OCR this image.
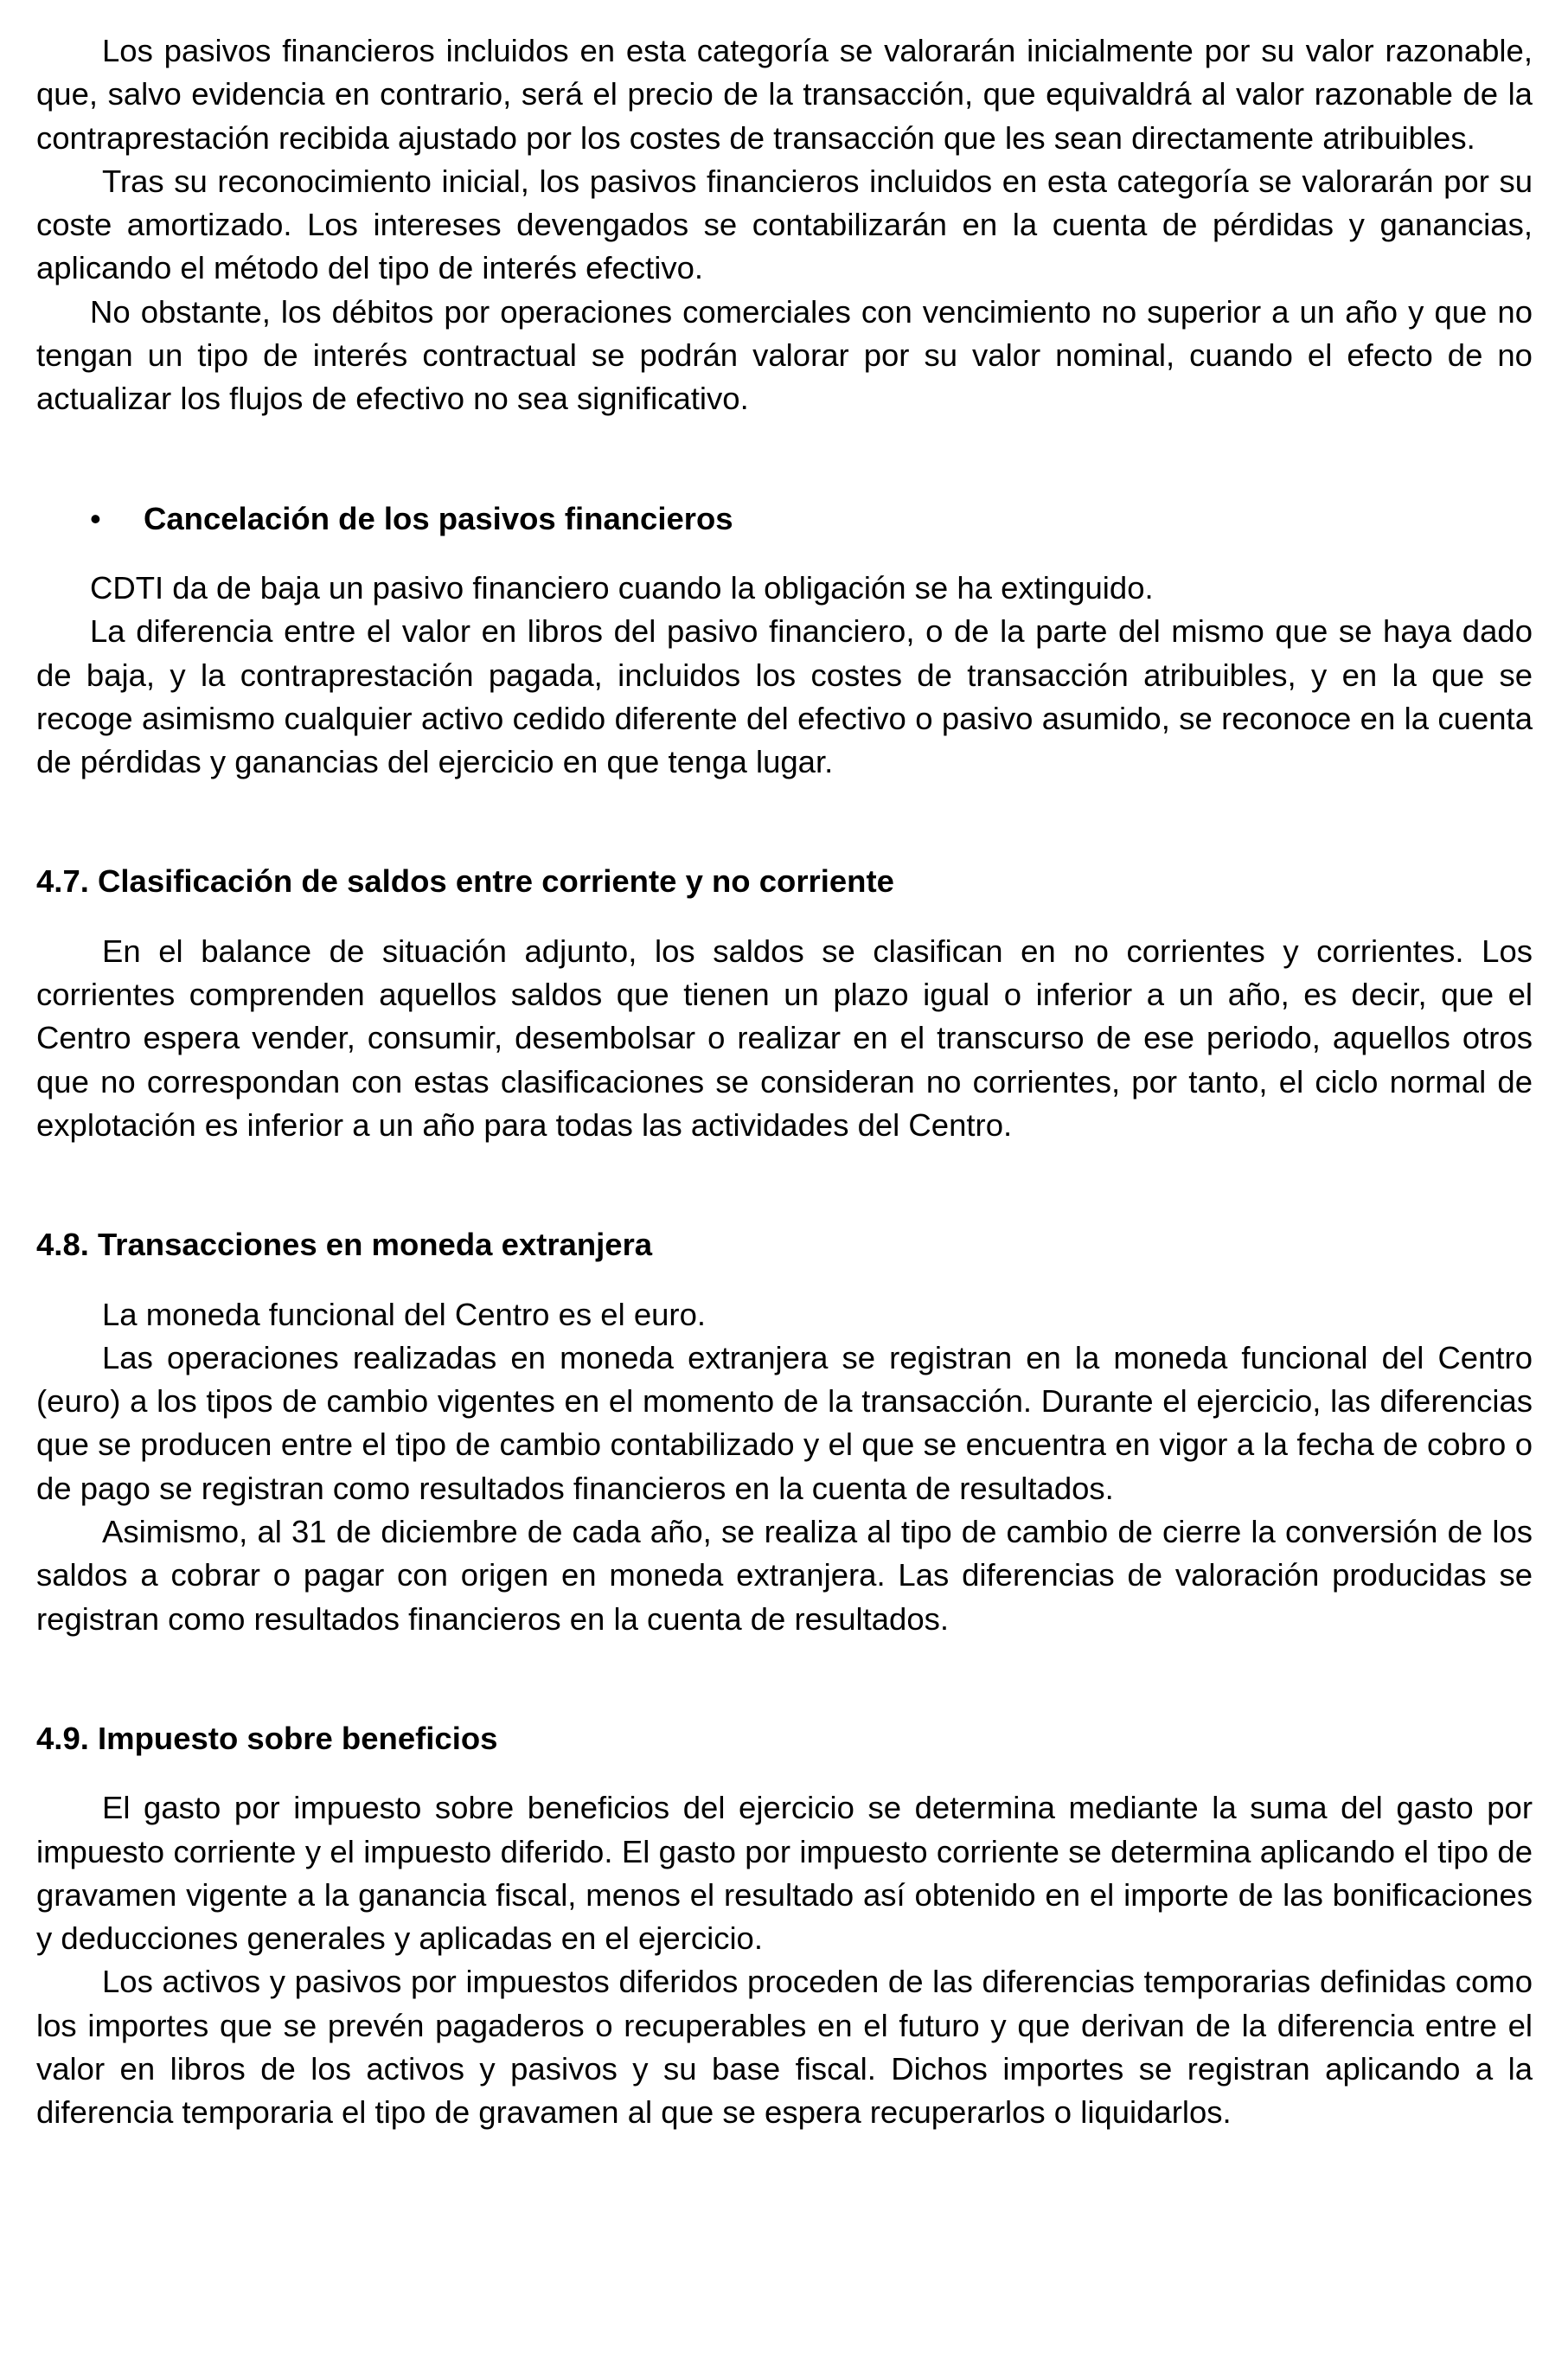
Los pasivos financieros incluidos en esta categoría se valorarán inicialmente por su valor razonable, que, salvo evidencia en contrario, será el precio de la transacción, que equivaldrá al valor razonable de la contraprestación recibida ajustado por los costes de transacción que les sean directamente atribuibles.

Tras su reconocimiento inicial, los pasivos financieros incluidos en esta categoría se valorarán por su coste amortizado. Los intereses devengados se contabilizarán en la cuenta de pérdidas y ganancias, aplicando el método del tipo de interés efectivo.

No obstante, los débitos por operaciones comerciales con vencimiento no superior a un año y que no tengan un tipo de interés contractual se podrán valorar por su valor nominal, cuando el efecto de no actualizar los flujos de efectivo no sea significativo.

•	Cancelación de los pasivos financieros

CDTI da de baja un pasivo financiero cuando la obligación se ha extinguido.

La diferencia entre el valor en libros del pasivo financiero, o de la parte del mismo que se haya dado de baja, y la contraprestación pagada, incluidos los costes de transacción atribuibles, y en la que se recoge asimismo cualquier activo cedido diferente del efectivo o pasivo asumido, se reconoce en la cuenta de pérdidas y ganancias del ejercicio en que tenga lugar.

4.7. Clasificación de saldos entre corriente y no corriente

En el balance de situación adjunto, los saldos se clasifican en no corrientes y corrientes. Los corrientes comprenden aquellos saldos que tienen un plazo igual o inferior a un año, es decir, que el Centro espera vender, consumir, desembolsar o realizar en el transcurso de ese periodo, aquellos otros que no correspondan con estas clasificaciones se consideran no corrientes, por tanto, el ciclo normal de explotación es inferior a un año para todas las actividades del Centro.

4.8. Transacciones en moneda extranjera

La moneda funcional del Centro es el euro.

Las operaciones realizadas en moneda extranjera se registran en la moneda funcional del Centro (euro) a los tipos de cambio vigentes en el momento de la transacción. Durante el ejercicio, las diferencias que se producen entre el tipo de cambio contabilizado y el que se encuentra en vigor a la fecha de cobro o de pago se registran como resultados financieros en la cuenta de resultados.

Asimismo, al 31 de diciembre de cada año, se realiza al tipo de cambio de cierre la conversión de los saldos a cobrar o pagar con origen en moneda extranjera. Las diferencias de valoración producidas se registran como resultados financieros en la cuenta de resultados.

4.9. Impuesto sobre beneficios

El gasto por impuesto sobre beneficios del ejercicio se determina mediante la suma del gasto por impuesto corriente y el impuesto diferido. El gasto por impuesto corriente se determina aplicando el tipo de gravamen vigente a la ganancia fiscal, menos el resultado así obtenido en el importe de las bonificaciones y deducciones generales y aplicadas en el ejercicio.

Los activos y pasivos por impuestos diferidos proceden de las diferencias temporarias definidas como los importes que se prevén pagaderos o recuperables en el futuro y que derivan de la diferencia entre el valor en libros de los activos y pasivos y su base fiscal. Dichos importes se registran aplicando a la diferencia temporaria el tipo de gravamen al que se espera recuperarlos o liquidarlos.
